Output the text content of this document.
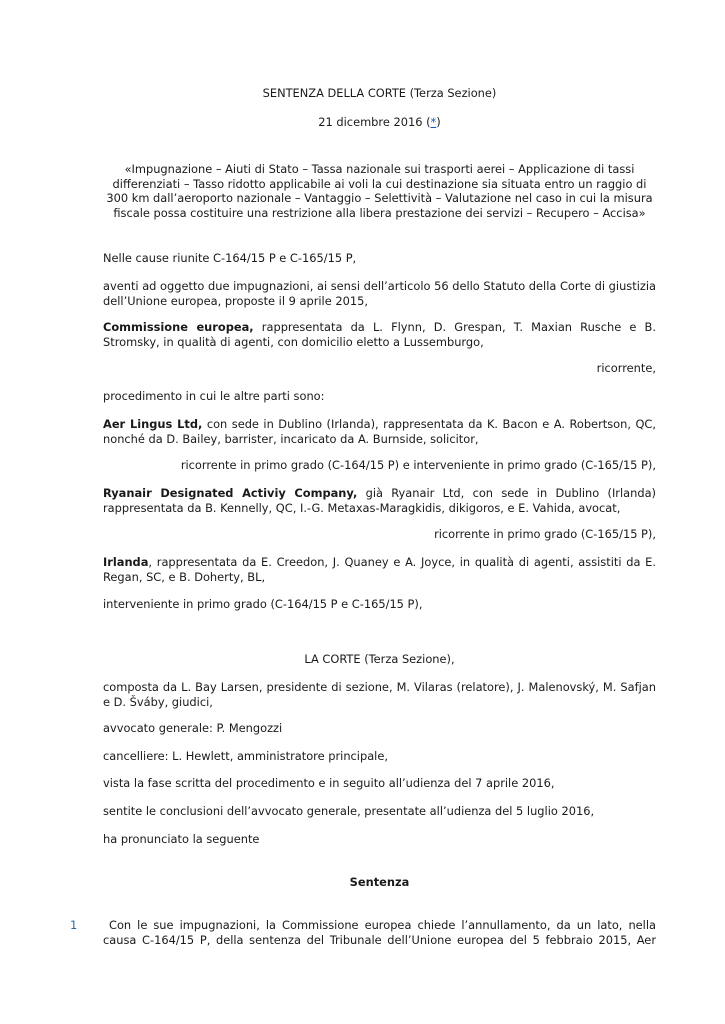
SENTENZA DELLA CORTE (Terza Sezione)

21 dicembre 2016 (*)

«Impugnazione – Aiuti di Stato – Tassa nazionale sui trasporti aerei – Applicazione di tassi differenziati – Tasso ridotto applicabile ai voli la cui destinazione sia situata entro un raggio di 300 km dall’aeroporto nazionale – Vantaggio – Selettività – Valutazione nel caso in cui la misura fiscale possa costituire una restrizione alla libera prestazione dei servizi – Recupero – Accisa»

Nelle cause riunite C-164/15 P e C-165/15 P,

aventi ad oggetto due impugnazioni, ai sensi dell’articolo 56 dello Statuto della Corte di giustizia dell’Unione europea, proposte il 9 aprile 2015,

Commissione europea, rappresentata da L. Flynn, D. Grespan, T. Maxian Rusche e B. Stromsky, in qualità di agenti, con domicilio eletto a Lussemburgo,

ricorrente,

procedimento in cui le altre parti sono:

Aer Lingus Ltd, con sede in Dublino (Irlanda), rappresentata da K. Bacon e A. Robertson, QC, nonché da D. Bailey, barrister, incaricato da A. Burnside, solicitor,

ricorrente in primo grado (C-164/15 P) e interveniente in primo grado (C-165/15 P),

Ryanair Designated Activiy Company, già Ryanair Ltd, con sede in Dublino (Irlanda) rappresentata da B. Kennelly, QC, I.-G. Metaxas-Maragkidis, dikigoros, e E. Vahida, avocat,

ricorrente in primo grado (C-165/15 P),

Irlanda, rappresentata da E. Creedon, J. Quaney e A. Joyce, in qualità di agenti, assistiti da E. Regan, SC, e B. Doherty, BL,

interveniente in primo grado (C-164/15 P e C-165/15 P),

LA CORTE (Terza Sezione),

composta da L. Bay Larsen, presidente di sezione, M. Vilaras (relatore), J. Malenovský, M. Safjan e D. Šváby, giudici,

avvocato generale: P. Mengozzi

cancelliere: L. Hewlett, amministratore principale,

vista la fase scritta del procedimento e in seguito all’udienza del 7 aprile 2016,

sentite le conclusioni dell’avvocato generale, presentate all’udienza del 5 luglio 2016,

ha pronunciato la seguente

Sentenza

1	Con le sue impugnazioni, la Commissione europea chiede l’annullamento, da un lato, nella causa C-164/15 P, della sentenza del Tribunale dell’Unione europea del 5 febbraio 2015, Aer
